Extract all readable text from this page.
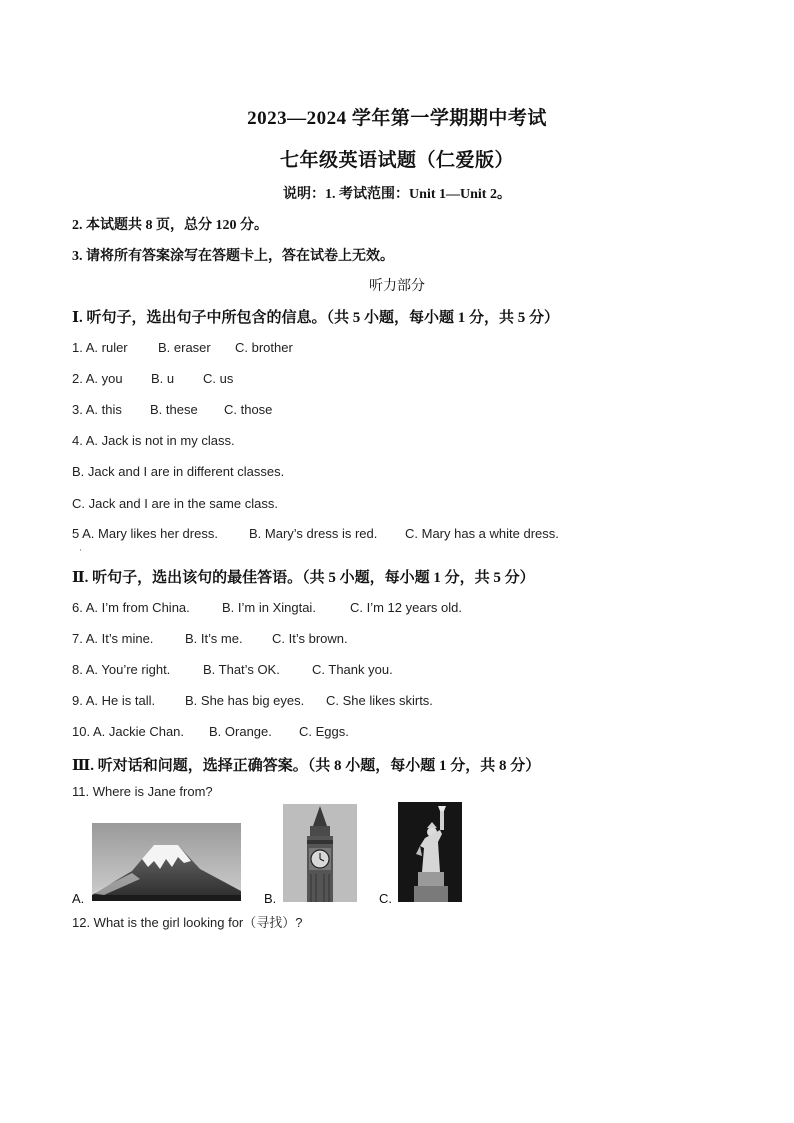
2023—2024 学年第一学期期中考试
七年级英语试题（仁爱版）
说明：1. 考试范围：Unit 1—Unit 2。
2. 本试题共 8 页，总分 120 分。
3. 请将所有答案涂写在答题卡上，答在试卷上无效。
听力部分
Ⅰ. 听句子，选出句子中所包含的信息。（共 5 小题，每小题 1 分，共 5 分）
1. A. ruler B. eraser C. brother
2. A. you B. u C. us
3. A. this B. these C. those
4. A. Jack is not in my class.
B. Jack and I are in different classes.
C. Jack and I are in the same class.
5 A. Mary likes her dress. B. Mary’s dress is red. C. Mary has a white dress.
·
Ⅱ. 听句子，选出该句的最佳答语。（共 5 小题，每小题 1 分，共 5 分）
6. A. I’m from China. B. I’m in Xingtai.	C. I’m 12 years old.
7. A. It’s mine. B. It’s me. C. It’s brown.
8. A. You’re right.	B. That’s OK. C. Thank you.
9. A. He is tall. B. She has big eyes. C. She likes skirts.
10. A. Jackie Chan. B. Orange. C. Eggs.
Ⅲ. 听对话和问题，选择正确答案。（共 8 小题，每小题 1 分，共 8 分）
11. Where is Jane from?
A.	B.	C.
12. What is the girl looking for（寻找）?
